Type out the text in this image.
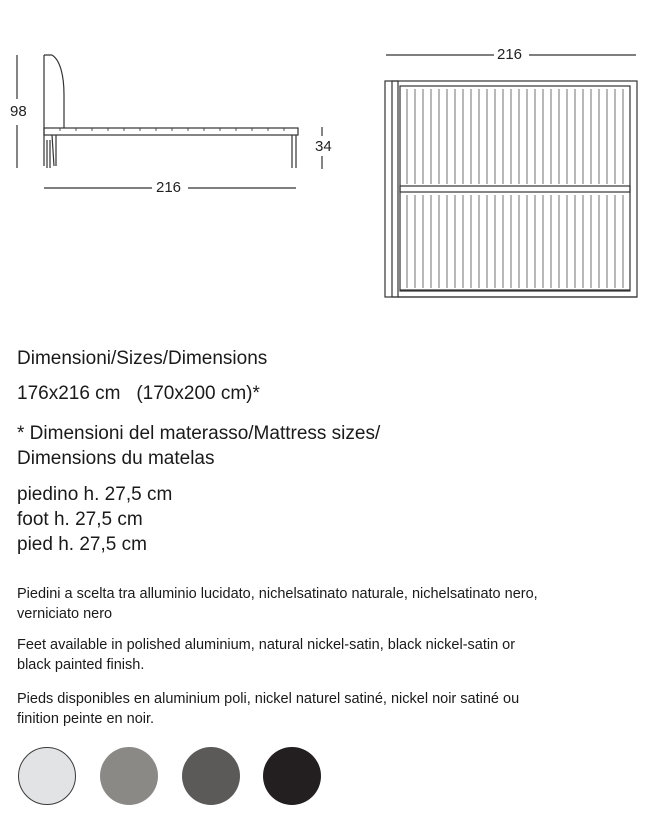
98
216
34
216
Dimensioni/Sizes/Dimensions
176x216 cm   (170x200 cm)*
* Dimensioni del materasso/Mattress sizes/
Dimensions du matelas
piedino h. 27,5 cm
foot h. 27,5 cm
pied h. 27,5 cm
Piedini a scelta tra alluminio lucidato, nichelsatinato naturale, nichelsatinato nero, verniciato nero
Feet available in polished aluminium, natural nickel-satin, black nickel-satin or black painted finish.
Pieds disponibles en aluminium poli, nickel naturel satiné, nickel noir satiné ou finition peinte en noir.
